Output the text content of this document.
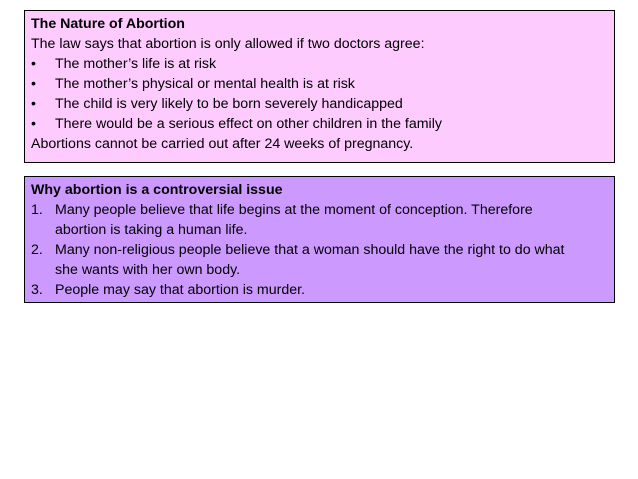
The Nature of Abortion
The law says that abortion is only allowed if two doctors agree:
•	The mother’s life is at risk
•	The mother’s physical or mental health is at risk
•	The child is very likely to be born severely handicapped
•	There would be a serious effect on other children in the family
Abortions cannot be carried out after 24 weeks of pregnancy.
Why abortion is a controversial issue
1. Many people believe that life begins at the moment of conception. Therefore
abortion is taking a human life.
2. Many non-religious people believe that a woman should have the right to do what
she wants with her own body.
3. People may say that abortion is murder.
